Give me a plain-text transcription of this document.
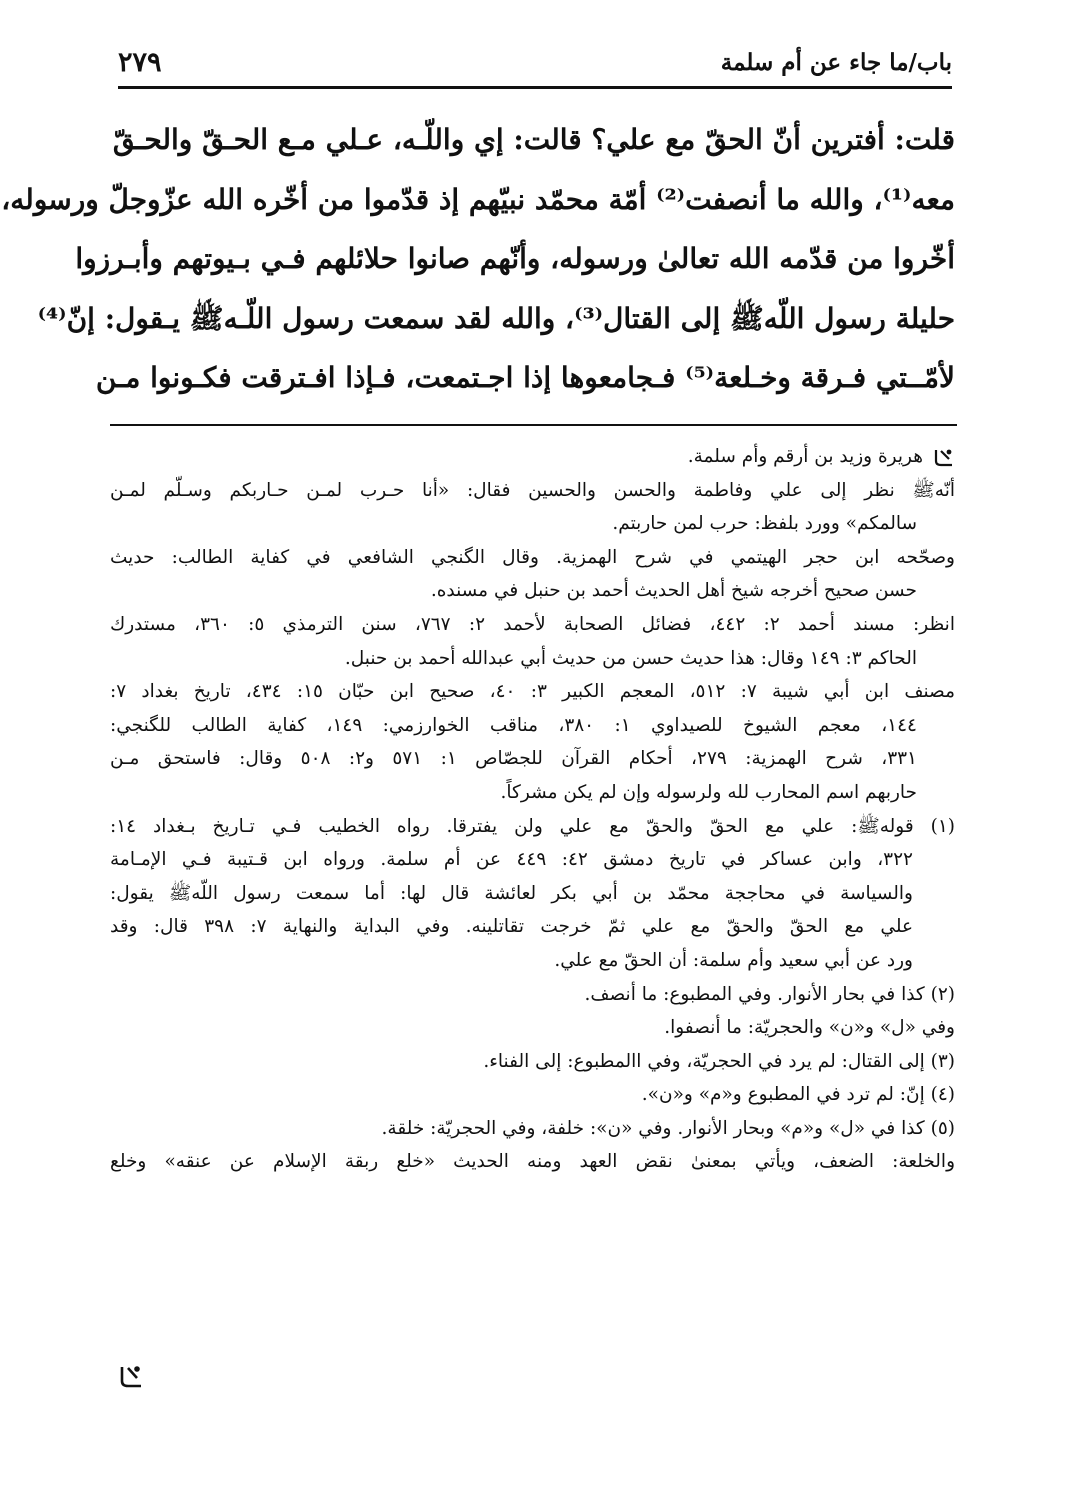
باب/ما جاء عن أم سلمة
٢٧٩
قلت: أفترين أنّ الحقّ مع علي؟ قالت: إي واللّـه، عـلي مـع الحـقّ والحـقّ
معه⁽¹⁾، والله ما أنصفت⁽²⁾ أمّة محمّد نبيّهم إذ قدّموا من أخّره الله عزّوجلّ ورسوله،
أخّروا من قدّمه الله تعالىٰ ورسوله، وأنّهم صانوا حلائلهم فـي بـيوتهم وأبـرزوا
حليلة رسول اللّهﷺ إلى القتال⁽³⁾، والله لقد سمعت رسول اللّـهﷺ يـقول: إنّ⁽⁴⁾
لأمّــتي فـرقة وخـلعة⁽⁵⁾ فـجامعوها إذا اجـتمعت، فـإذا افـترقت فكـونوا مـن
هريرة وزيد بن أرقم وأم سلمة.
أنّهﷺ نظر إلى علي وفاطمة والحسن والحسين فقال: «أنا حـرب لمـن حـاربكم وسـلّم لمـن
سالمكم» وورد بلفظ: حرب لمن حاربتم.
وصحّحه ابن حجر الهيتمي في شرح الهمزية. وقال الگنجي الشافعي في كفاية الطالب: حديث
حسن صحيح أخرجه شيخ أهل الحديث أحمد بن حنبل في مسنده.
انظر: مسند أحمد ٢: ٤٤٢، فضائل الصحابة لأحمد ٢: ٧٦٧، سنن الترمذي ٥: ٣٦٠، مستدرك
الحاكم ٣: ١٤٩ وقال: هذا حديث حسن من حديث أبي عبدالله أحمد بن حنبل.
مصنف ابن أبي شيبة ٧: ٥١٢، المعجم الكبير ٣: ٤٠، صحيح ابن حبّان ١٥: ٤٣٤، تاريخ بغداد ٧:
١٤٤، معجم الشيوخ للصيداوي ١: ٣٨٠، مناقب الخوارزمي: ١٤٩، كفاية الطالب للگنجي:
٣٣١، شرح الهمزية: ٢٧٩، أحكام القرآن للجصّاص ١: ٥٧١ و٢: ٥٠٨ وقال: فاستحق مـن
حاربهم اسم المحارب لله ولرسوله وإن لم يكن مشركاً.
(١) قولهﷺ: علي مع الحقّ والحقّ مع علي ولن يفترقا. رواه الخطيب فـي تـاريخ بـغداد ١٤:
٣٢٢، وابن عساكر في تاريخ دمشق ٤٢: ٤٤٩ عن أم سلمة. ورواه ابن قـتيبة فـي الإمـامة
والسياسة في محاججة محمّد بن أبي بكر لعائشة قال لها: أما سمعت رسول اللّهﷺ يقول:
علي مع الحقّ والحقّ مع علي ثمّ خرجت تقاتلينه. وفي البداية والنهاية ٧: ٣٩٨ قال: وقد
ورد عن أبي سعيد وأم سلمة: أن الحقّ مع علي.
(٢) كذا في بحار الأنوار. وفي المطبوع: ما أنصف.
وفي «ل» و«ن» والحجريّة: ما أنصفوا.
(٣) إلى القتال: لم يرد في الحجريّة، وفي االمطبوع: إلى الفناء.
(٤) إنّ: لم ترد في المطبوع و«م» و«ن».
(٥) كذا في «ل» و«م» وبحار الأنوار. وفي «ن»: خلفة، وفي الحجريّة: خلقة.
والخلعة: الضعف، ويأتي بمعنىٰ نقض العهد ومنه الحديث «خلع ربقة الإسلام عن عنقه» وخلع
